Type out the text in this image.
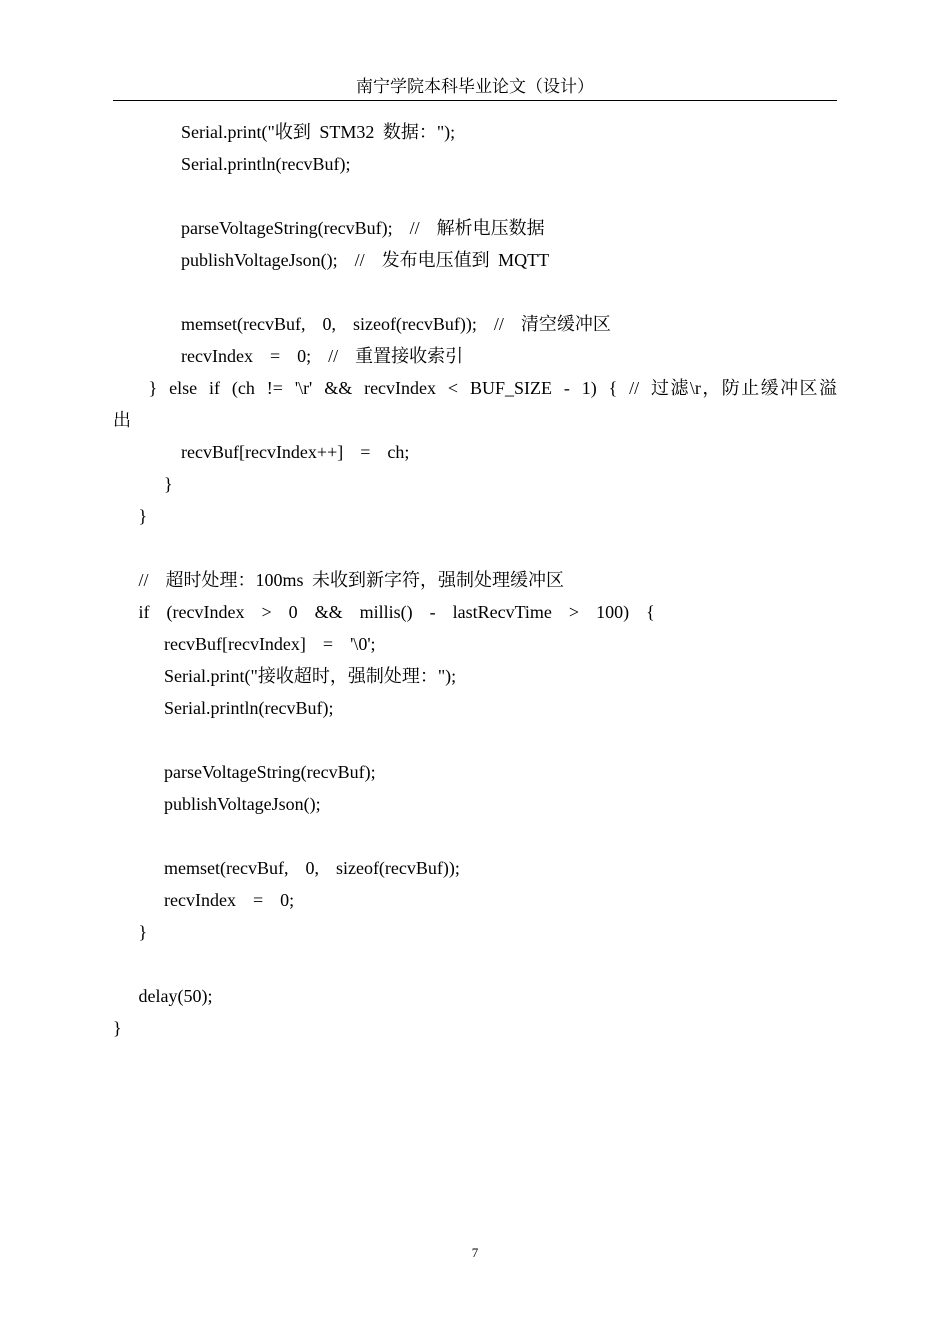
南宁学院本科毕业论文（设计）
Serial.print("收到 STM32 数据：");
Serial.println(recvBuf);
parseVoltageString(recvBuf);  //  解析电压数据
publishVoltageJson();  //  发布电压值到 MQTT
memset(recvBuf,  0,  sizeof(recvBuf));  //  清空缓冲区
recvIndex  =  0;  //  重置接收索引
}  else  if  (ch  !=  '\r'  &&  recvIndex  <  BUF_SIZE  -  1)  {  //  过滤\r，防止缓冲区溢
出
recvBuf[recvIndex++]  =  ch;
}
}
//  超时处理：100ms 未收到新字符，强制处理缓冲区
if  (recvIndex  >  0  &&  millis()  -  lastRecvTime  >  100)  {
recvBuf[recvIndex]  =  '\0';
Serial.print("接收超时，强制处理：");
Serial.println(recvBuf);
parseVoltageString(recvBuf);
publishVoltageJson();
memset(recvBuf,  0,  sizeof(recvBuf));
recvIndex  =  0;
}
delay(50);
}
7
